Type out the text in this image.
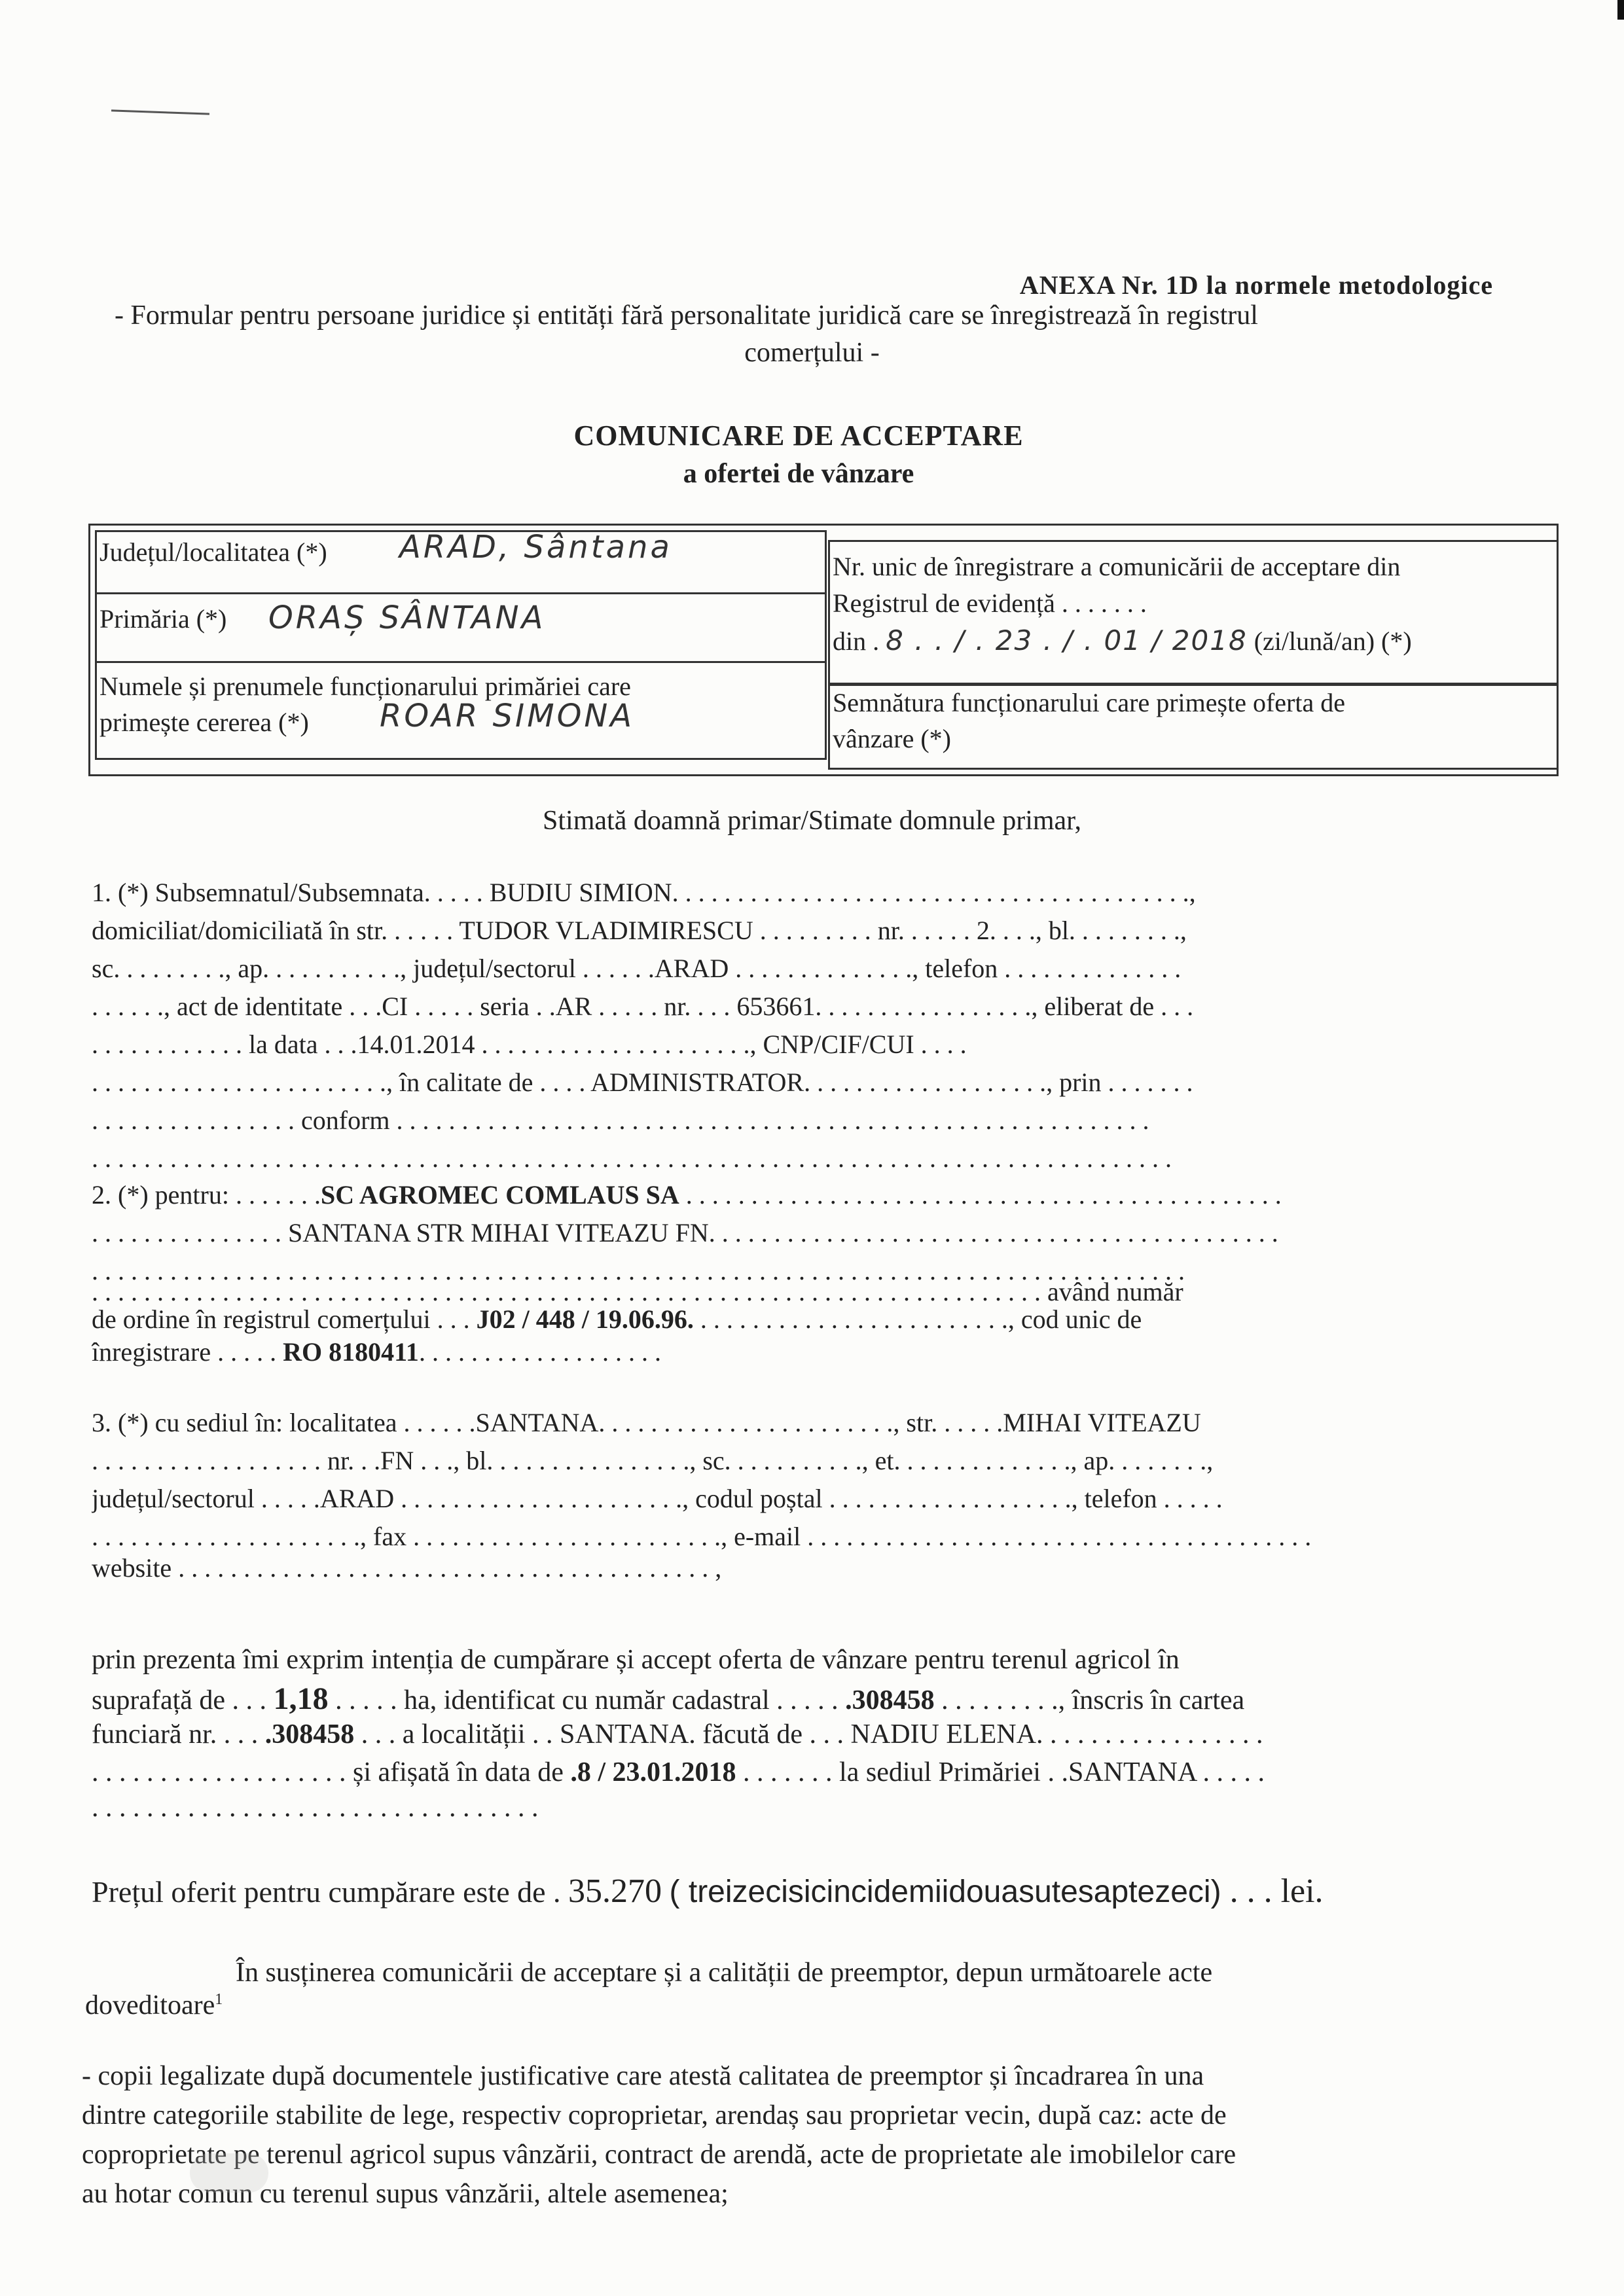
ANEXA Nr. 1D la normele metodologice
- Formular pentru persoane juridice și entități fără personalitate juridică care se înregistrează în registrul
comerțului -
COMUNICARE DE ACCEPTARE
a ofertei de vânzare
Județul/localitatea (*) ARAD, Sântana
Primăria (*) ORAȘ SÂNTANA
Numele și prenumele funcționarului primăriei care
primește cererea (*) ROAR SIMONA
Nr. unic de înregistrare a comunicării de acceptare din
Registrul de evidență . . . . . . .
din . 8 . . / . 23 . / . 01 / 2018 (zi/lună/an) (*)
Semnătura funcționarului care primește oferta de
vânzare (*)
Stimată doamnă primar/Stimate domnule primar,
1. (*) Subsemnatul/Subsemnata. . . . . BUDIU SIMION. . . . . . . . . . . . . . . . . . . . . . . . . . . . . . . . . . . . . . . .,
domiciliat/domiciliată în str. . . . . . TUDOR VLADIMIRESCU . . . . . . . . . nr. . . . . . 2. . . ., bl. . . . . . . . .,
sc. . . . . . . . ., ap. . . . . . . . . . ., județul/sectorul . . . . . .ARAD . . . . . . . . . . . . . ., telefon . . . . . . . . . . . . . .
. . . . . ., act de identitate . . .CI . . . . . seria . .AR . . . . . nr. . . . 653661. . . . . . . . . . . . . . . . ., eliberat de . . .
. . . . . . . . . . . . la data . . .14.01.2014 . . . . . . . . . . . . . . . . . . . . ., CNP/CIF/CUI . . . .
. . . . . . . . . . . . . . . . . . . . . . ., în calitate de . . . . ADMINISTRATOR. . . . . . . . . . . . . . . . . . ., prin . . . . . . .
. . . . . . . . . . . . . . . . conform . . . . . . . . . . . . . . . . . . . . . . . . . . . . . . . . . . . . . . . . . . . . . . . . . . . . . . . . . .
. . . . . . . . . . . . . . . . . . . . . . . . . . . . . . . . . . . . . . . . . . . . . . . . . . . . . . . . . . . . . . . . . . . . . . . . . . . . . . . . . . .
2. (*) pentru: . . . . . . .SC AGROMEC COMLAUS SA . . . . . . . . . . . . . . . . . . . . . . . . . . . . . . . . . . . . . . . . . . . . . .
. . . . . . . . . . . . . . . SANTANA STR MIHAI VITEAZU FN. . . . . . . . . . . . . . . . . . . . . . . . . . . . . . . . . . . . . . . . . . . .
. . . . . . . . . . . . . . . . . . . . . . . . . . . . . . . . . . . . . . . . . . . . . . . . . . . . . . . . . . . . . . . . . . . . . . . . . . . . . . . . . . . .
. . . . . . . . . . . . . . . . . . . . . . . . . . . . . . . . . . . . . . . . . . . . . . . . . . . . . . . . . . . . . . . . . . . . . . . . . având număr
de ordine în registrul comerțului . . . J02 / 448 / 19.06.96. . . . . . . . . . . . . . . . . . . . . . . . ., cod unic de
înregistrare . . . . . RO 8180411. . . . . . . . . . . . . . . . . . .
3. (*) cu sediul în: localitatea . . . . . .SANTANA. . . . . . . . . . . . . . . . . . . . . . ., str. . . . . .MIHAI VITEAZU
. . . . . . . . . . . . . . . . . . nr. . .FN . . ., bl. . . . . . . . . . . . . . . ., sc. . . . . . . . . . ., et. . . . . . . . . . . . . ., ap. . . . . . . .,
județul/sectorul . . . . .ARAD . . . . . . . . . . . . . . . . . . . . . ., codul poștal . . . . . . . . . . . . . . . . . . ., telefon . . . . .
. . . . . . . . . . . . . . . . . . . . ., fax . . . . . . . . . . . . . . . . . . . . . . . ., e-mail . . . . . . . . . . . . . . . . . . . . . . . . . . . . . . . . . . . . . . .
website . . . . . . . . . . . . . . . . . . . . . . . . . . . . . . . . . . . . . . . . . ,
prin prezenta îmi exprim intenția de cumpărare și accept oferta de vânzare pentru terenul agricol în
suprafață de . . . 1,18 . . . . . ha, identificat cu număr cadastral . . . . . .308458 . . . . . . . . ., înscris în cartea
funciară nr. . . . .308458 . . . a localității . . SANTANA. făcută de . . . NADIU ELENA. . . . . . . . . . . . . . . . .
. . . . . . . . . . . . . . . . . . . și afișată în data de .8 / 23.01.2018 . . . . . . . la sediul Primăriei . .SANTANA . . . . .
. . . . . . . . . . . . . . . . . . . . . . . . . . . . . . . . .
Prețul oferit pentru cumpărare este de . 35.270 ( treizecisicincidemiidouasutesaptezeci) . . . lei.
În susținerea comunicării de acceptare și a calității de preemptor, depun următoarele acte
doveditoare$^1$
- copii legalizate după documentele justificative care atestă calitatea de preemptor și încadrarea în una
dintre categoriile stabilite de lege, respectiv coproprietar, arendaș sau proprietar vecin, după caz: acte de
coproprietate pe terenul agricol supus vânzării, contract de arendă, acte de proprietate ale imobilelor care
au hotar comun cu terenul supus vânzării, altele asemenea;
